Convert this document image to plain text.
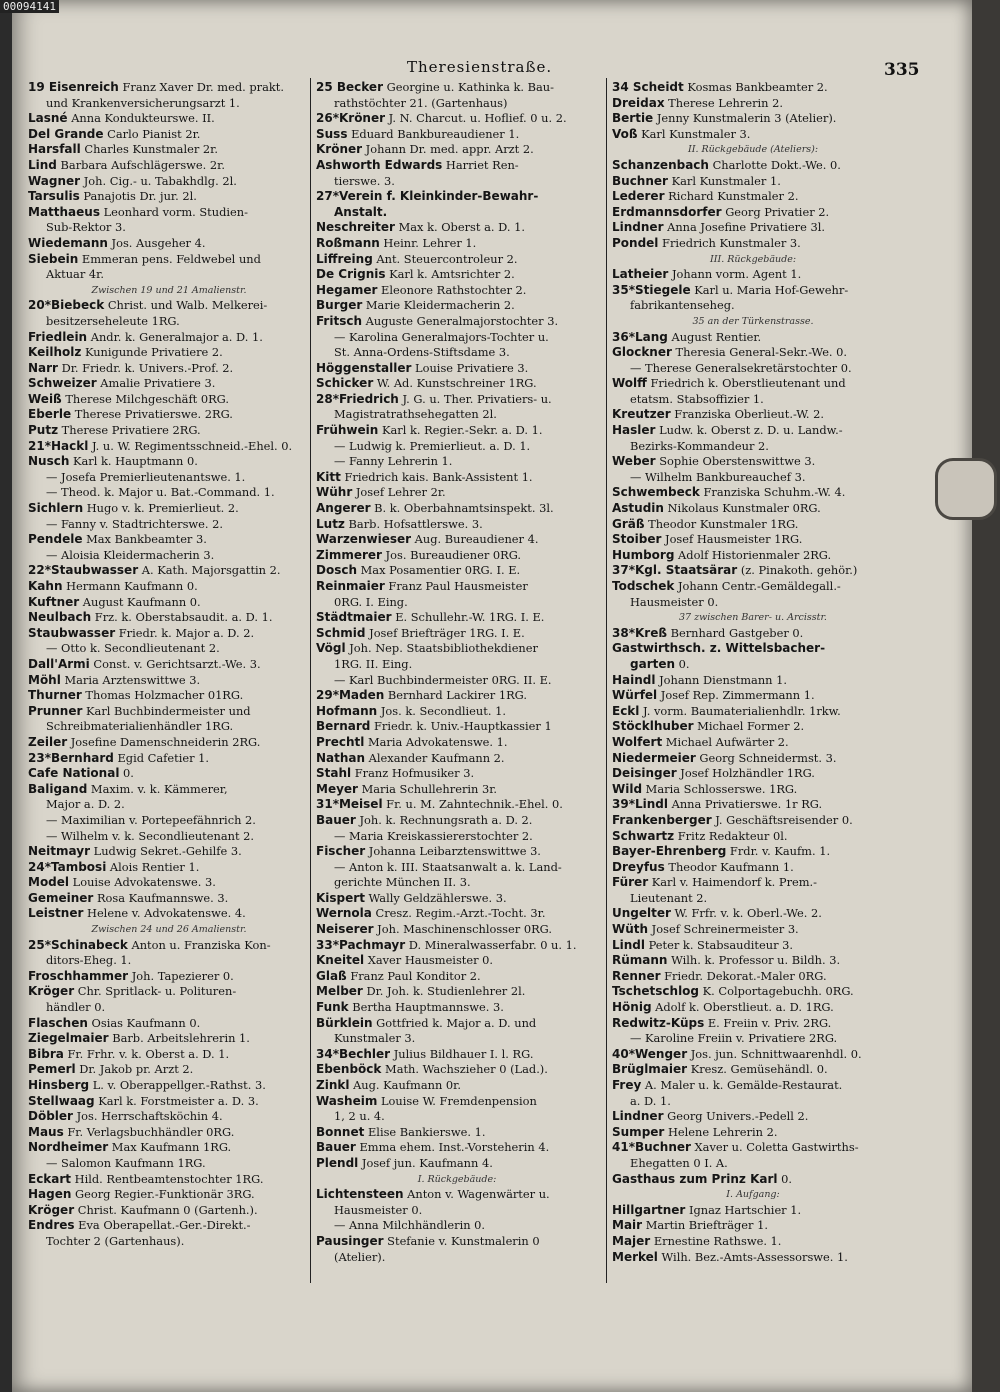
Theresienstraße.	335
19 Eisenreich Franz Xaver Dr. med. prakt.
und Krankenversicherungsarzt 1.
Lasné Anna Kondukteurswe. II.
Del Grande Carlo Pianist 2r.
Harsfall Charles Kunstmaler 2r.
Lind Barbara Aufschlägerswe. 2r.
Wagner Joh. Cig.- u. Tabakhdlg. 2l.
Tarsulis Panajotis Dr. jur. 2l.
Matthaeus Leonhard vorm. Studien-
Sub-Rektor 3.
Wiedemann Jos. Ausgeher 4.
Siebein Emmeran pens. Feldwebel und
Aktuar 4r.
Zwischen 19 und 21 Amalienstr.
20*Biebeck Christ. und Walb. Melkerei-
besitzerseheleute 1RG.
Friedlein Andr. k. Generalmajor a. D. 1.
Keilholz Kunigunde Privatiere 2.
Narr Dr. Friedr. k. Univers.-Prof. 2.
Schweizer Amalie Privatiere 3.
Weiß Therese Milchgeschäft 0RG.
Eberle Therese Privatierswe. 2RG.
Putz Therese Privatiere 2RG.
21*Hackl J. u. W. Regimentsschneid.-Ehel. 0.
Nusch Karl k. Hauptmann 0.
— Josefa Premierlieutenantswe. 1.
— Theod. k. Major u. Bat.-Command. 1.
Sichlern Hugo v. k. Premierlieut. 2.
— Fanny v. Stadtrichterswe. 2.
Pendele Max Bankbeamter 3.
— Aloisia Kleidermacherin 3.
22*Staubwasser A. Kath. Majorsgattin 2.
Kahn Hermann Kaufmann 0.
Kuftner August Kaufmann 0.
Neulbach Frz. k. Oberstabsaudit. a. D. 1.
Staubwasser Friedr. k. Major a. D. 2.
— Otto k. Secondlieutenant 2.
Dall'Armi Const. v. Gerichtsarzt.-We. 3.
Möhl Maria Arztenswittwe 3.
Thurner Thomas Holzmacher 01RG.
Prunner Karl Buchbindermeister und
Schreibmaterialienhändler 1RG.
Zeiler Josefine Damenschneiderin 2RG.
23*Bernhard Egid Cafetier 1.
Cafe National 0.
Baligand Maxim. v. k. Kämmerer,
Major a. D. 2.
— Maximilian v. Portepeefähnrich 2.
— Wilhelm v. k. Secondlieutenant 2.
Neitmayr Ludwig Sekret.-Gehilfe 3.
24*Tambosi Alois Rentier 1.
Model Louise Advokatenswe. 3.
Gemeiner Rosa Kaufmannswe. 3.
Leistner Helene v. Advokatenswe. 4.
Zwischen 24 und 26 Amalienstr.
25*Schinabeck Anton u. Franziska Kon-
ditors-Eheg. 1.
Froschhammer Joh. Tapezierer 0.
Kröger Chr. Spritlack- u. Polituren-
händler 0.
Flaschen Osias Kaufmann 0.
Ziegelmaier Barb. Arbeitslehrerin 1.
Bibra Fr. Frhr. v. k. Oberst a. D. 1.
Pemerl Dr. Jakob pr. Arzt 2.
Hinsberg L. v. Oberappellger.-Rathst. 3.
Stellwaag Karl k. Forstmeister a. D. 3.
Döbler Jos. Herrschaftsköchin 4.
Maus Fr. Verlagsbuchhändler 0RG.
Nordheimer Max Kaufmann 1RG.
— Salomon Kaufmann 1RG.
Eckart Hild. Rentbeamtenstochter 1RG.
Hagen Georg Regier.-Funktionär 3RG.
Kröger Christ. Kaufmann 0 (Gartenh.).
Endres Eva Oberapellat.-Ger.-Direkt.-
Tochter 2 (Gartenhaus).
25 Becker Georgine u. Kathinka k. Bau-
rathstöchter 21. (Gartenhaus)
26*Kröner J. N. Charcut. u. Hoflief. 0 u. 2.
Suss Eduard Bankbureaudiener 1.
Kröner Johann Dr. med. appr. Arzt 2.
Ashworth Edwards Harriet Ren-
tierswe. 3.
27*Verein f. Kleinkinder-Bewahr-
Anstalt.
Neschreiter Max k. Oberst a. D. 1.
Roßmann Heinr. Lehrer 1.
Liffreing Ant. Steuercontroleur 2.
De Crignis Karl k. Amtsrichter 2.
Hegamer Eleonore Rathstochter 2.
Burger Marie Kleidermacherin 2.
Fritsch Auguste Generalmajorstochter 3.
— Karolina Generalmajors-Tochter u.
St. Anna-Ordens-Stiftsdame 3.
Höggenstaller Louise Privatiere 3.
Schicker W. Ad. Kunstschreiner 1RG.
28*Friedrich J. G. u. Ther. Privatiers- u.
Magistratrathsehegatten 2l.
Frühwein Karl k. Regier.-Sekr. a. D. 1.
— Ludwig k. Premierlieut. a. D. 1.
— Fanny Lehrerin 1.
Kitt Friedrich kais. Bank-Assistent 1.
Wühr Josef Lehrer 2r.
Angerer B. k. Oberbahnamtsinspekt. 3l.
Lutz Barb. Hofsattlerswe. 3.
Warzenwieser Aug. Bureaudiener 4.
Zimmerer Jos. Bureaudiener 0RG.
Dosch Max Posamentier 0RG. I. E.
Reinmaier Franz Paul Hausmeister
0RG. I. Eing.
Städtmaier E. Schullehr.-W. 1RG. I. E.
Schmid Josef Briefträger 1RG. I. E.
Vögl Joh. Nep. Staatsbibliothekdiener
1RG. II. Eing.
— Karl Buchbindermeister 0RG. II. E.
29*Maden Bernhard Lackirer 1RG.
Hofmann Jos. k. Secondlieut. 1.
Bernard Friedr. k. Univ.-Hauptkassier 1
Prechtl Maria Advokatenswe. 1.
Nathan Alexander Kaufmann 2.
Stahl Franz Hofmusiker 3.
Meyer Maria Schullehrerin 3r.
31*Meisel Fr. u. M. Zahntechnik.-Ehel. 0.
Bauer Joh. k. Rechnungsrath a. D. 2.
— Maria Kreiskassiererstochter 2.
Fischer Johanna Leibarztenswittwe 3.
— Anton k. III. Staatsanwalt a. k. Land-
gerichte München II. 3.
Kispert Wally Geldzählerswe. 3.
Wernola Cresz. Regim.-Arzt.-Tocht. 3r.
Neiserer Joh. Maschinenschlosser 0RG.
33*Pachmayr D. Mineralwasserfabr. 0 u. 1.
Kneitel Xaver Hausmeister 0.
Glaß Franz Paul Konditor 2.
Melber Dr. Joh. k. Studienlehrer 2l.
Funk Bertha Hauptmannswe. 3.
Bürklein Gottfried k. Major a. D. und
Kunstmaler 3.
34*Bechler Julius Bildhauer I. l. RG.
Ebenböck Math. Wachszieher 0 (Lad.).
Zinkl Aug. Kaufmann 0r.
Washeim Louise W. Fremdenpension
1, 2 u. 4.
Bonnet Elise Bankierswe. 1.
Bauer Emma ehem. Inst.-Vorsteherin 4.
Plendl Josef jun. Kaufmann 4.
I. Rückgebäude:
Lichtensteen Anton v. Wagenwärter u.
Hausmeister 0.
— Anna Milchhändlerin 0.
Pausinger Stefanie v. Kunstmalerin 0
(Atelier).
34 Scheidt Kosmas Bankbeamter 2.
Dreidax Therese Lehrerin 2.
Bertie Jenny Kunstmalerin 3 (Atelier).
Voß Karl Kunstmaler 3.
II. Rückgebäude (Ateliers):
Schanzenbach Charlotte Dokt.-We. 0.
Buchner Karl Kunstmaler 1.
Lederer Richard Kunstmaler 2.
Erdmannsdorfer Georg Privatier 2.
Lindner Anna Josefine Privatiere 3l.
Pondel Friedrich Kunstmaler 3.
III. Rückgebäude:
Latheier Johann vorm. Agent 1.
35*Stiegele Karl u. Maria Hof-Gewehr-
fabrikantenseheg.
35 an der Türkenstrasse.
36*Lang August Rentier.
Glockner Theresia General-Sekr.-We. 0.
— Therese Generalsekretärstochter 0.
Wolff Friedrich k. Oberstlieutenant und
etatsm. Stabsoffizier 1.
Kreutzer Franziska Oberlieut.-W. 2.
Hasler Ludw. k. Oberst z. D. u. Landw.-
Bezirks-Kommandeur 2.
Weber Sophie Oberstenswittwe 3.
— Wilhelm Bankbureauchef 3.
Schwembeck Franziska Schuhm.-W. 4.
Astudin Nikolaus Kunstmaler 0RG.
Gräß Theodor Kunstmaler 1RG.
Stoiber Josef Hausmeister 1RG.
Humborg Adolf Historienmaler 2RG.
37*Kgl. Staatsärar (z. Pinakoth. gehör.)
Todschek Johann Centr.-Gemäldegall.-
Hausmeister 0.
37 zwischen Barer- u. Arcisstr.
38*Kreß Bernhard Gastgeber 0.
Gastwirthsch. z. Wittelsbacher-
garten 0.
Haindl Johann Dienstmann 1.
Würfel Josef Rep. Zimmermann 1.
Eckl J. vorm. Baumaterialienhdlr. 1rkw.
Stöcklhuber Michael Former 2.
Wolfert Michael Aufwärter 2.
Niedermeier Georg Schneidermst. 3.
Deisinger Josef Holzhändler 1RG.
Wild Maria Schlosserswe. 1RG.
39*Lindl Anna Privatierswe. 1r RG.
Frankenberger J. Geschäftsreisender 0.
Schwartz Fritz Redakteur 0l.
Bayer-Ehrenberg Frdr. v. Kaufm. 1.
Dreyfus Theodor Kaufmann 1.
Fürer Karl v. Haimendorf k. Prem.-
Lieutenant 2.
Ungelter W. Frfr. v. k. Oberl.-We. 2.
Wüth Josef Schreinermeister 3.
Lindl Peter k. Stabsauditeur 3.
Rümann Wilh. k. Professor u. Bildh. 3.
Renner Friedr. Dekorat.-Maler 0RG.
Tschetschlog K. Colportagebuchh. 0RG.
Hönig Adolf k. Oberstlieut. a. D. 1RG.
Redwitz-Küps E. Freiin v. Priv. 2RG.
— Karoline Freiin v. Privatiere 2RG.
40*Wenger Jos. jun. Schnittwaarenhdl. 0.
Brüglmaier Kresz. Gemüsehändl. 0.
Frey A. Maler u. k. Gemälde-Restaurat.
a. D. 1.
Lindner Georg Univers.-Pedell 2.
Sumper Helene Lehrerin 2.
41*Buchner Xaver u. Coletta Gastwirths-
Ehegatten 0 I. A.
Gasthaus zum Prinz Karl 0.
I. Aufgang:
Hillgartner Ignaz Hartschier 1.
Mair Martin Briefträger 1.
Majer Ernestine Rathswe. 1.
Merkel Wilh. Bez.-Amts-Assessorswe. 1.
00094141
